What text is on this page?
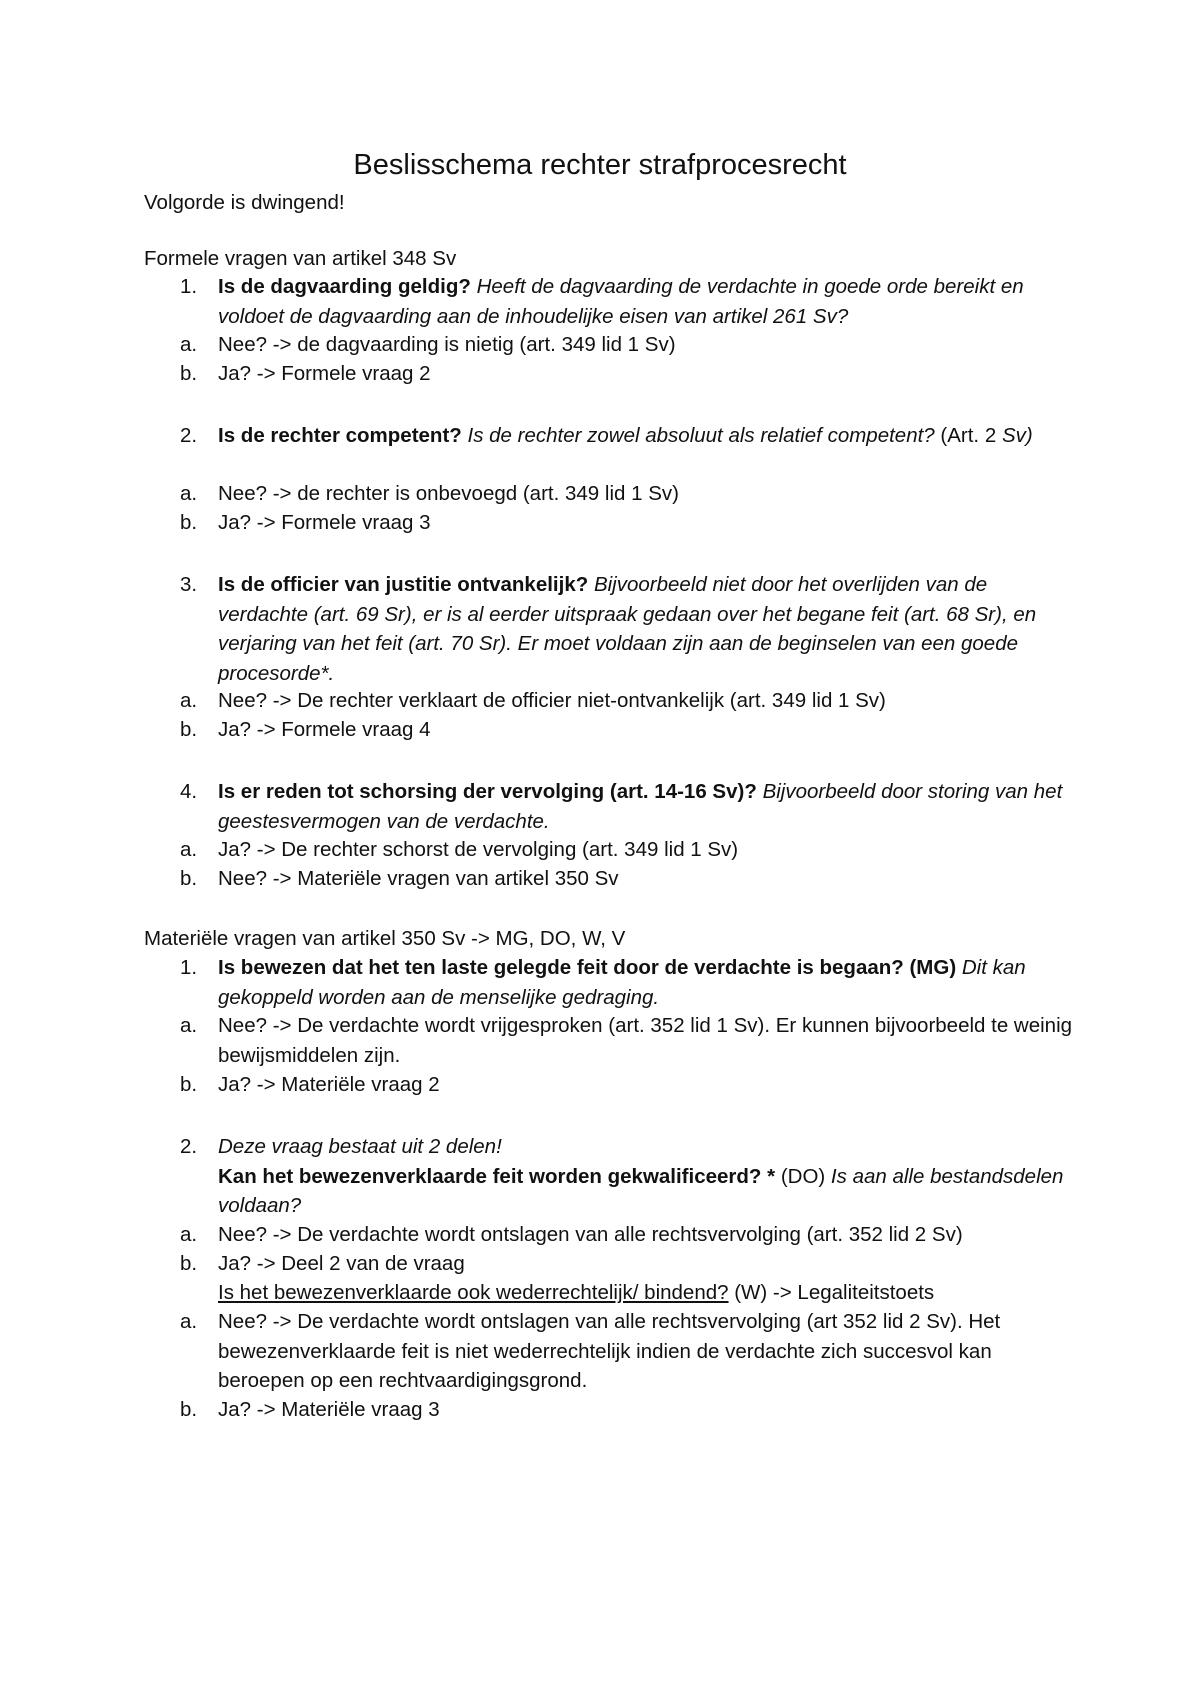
Beslisschema rechter strafprocesrecht
Volgorde is dwingend!
Formele vragen van artikel 348 Sv
1.	Is de dagvaarding geldig? Heeft de dagvaarding de verdachte in goede orde bereikt en voldoet de dagvaarding aan de inhoudelijke eisen van artikel 261 Sv?
a.	Nee? -> de dagvaarding is nietig (art. 349 lid 1 Sv)
b.	Ja? -> Formele vraag 2
2.	Is de rechter competent? Is de rechter zowel absoluut als relatief competent? (Art. 2 Sv)
a.	Nee? -> de rechter is onbevoegd (art. 349 lid 1 Sv)
b.	Ja? -> Formele vraag 3
3.	Is de officier van justitie ontvankelijk? Bijvoorbeeld niet door het overlijden van de verdachte (art. 69 Sr), er is al eerder uitspraak gedaan over het begane feit (art. 68 Sr), en verjaring van het feit (art. 70 Sr). Er moet voldaan zijn aan de beginselen van een goede procesorde*.
a.	Nee? -> De rechter verklaart de officier niet-ontvankelijk (art. 349 lid 1 Sv)
b.	Ja? -> Formele vraag 4
4.	Is er reden tot schorsing der vervolging (art. 14-16 Sv)? Bijvoorbeeld door storing van het geestesvermogen van de verdachte.
a.	Ja? -> De rechter schorst de vervolging (art. 349 lid 1 Sv)
b.	Nee? -> Materiële vragen van artikel 350 Sv
Materiële vragen van artikel 350 Sv -> MG, DO, W, V
1.	Is bewezen dat het ten laste gelegde feit door de verdachte is begaan? (MG) Dit kan gekoppeld worden aan de menselijke gedraging.
a.	Nee? -> De verdachte wordt vrijgesproken (art. 352 lid 1 Sv). Er kunnen bijvoorbeeld te weinig bewijsmiddelen zijn.
b.	Ja? -> Materiële vraag 2
2.	Deze vraag bestaat uit 2 delen!
Kan het bewezenverklaarde feit worden gekwalificeerd? * (DO) Is aan alle bestandsdelen voldaan?
a.	Nee? -> De verdachte wordt ontslagen van alle rechtsvervolging (art. 352 lid 2 Sv)
b.	Ja? -> Deel 2 van de vraag
Is het bewezenverklaarde ook wederrechtelijk/ bindend? (W) -> Legaliteitstoets
a.	Nee? -> De verdachte wordt ontslagen van alle rechtsvervolging (art 352 lid 2 Sv). Het bewezenverklaarde feit is niet wederrechtelijk indien de verdachte zich succesvol kan beroepen op een rechtvaardigingsgrond.
b.	Ja? -> Materiële vraag 3
